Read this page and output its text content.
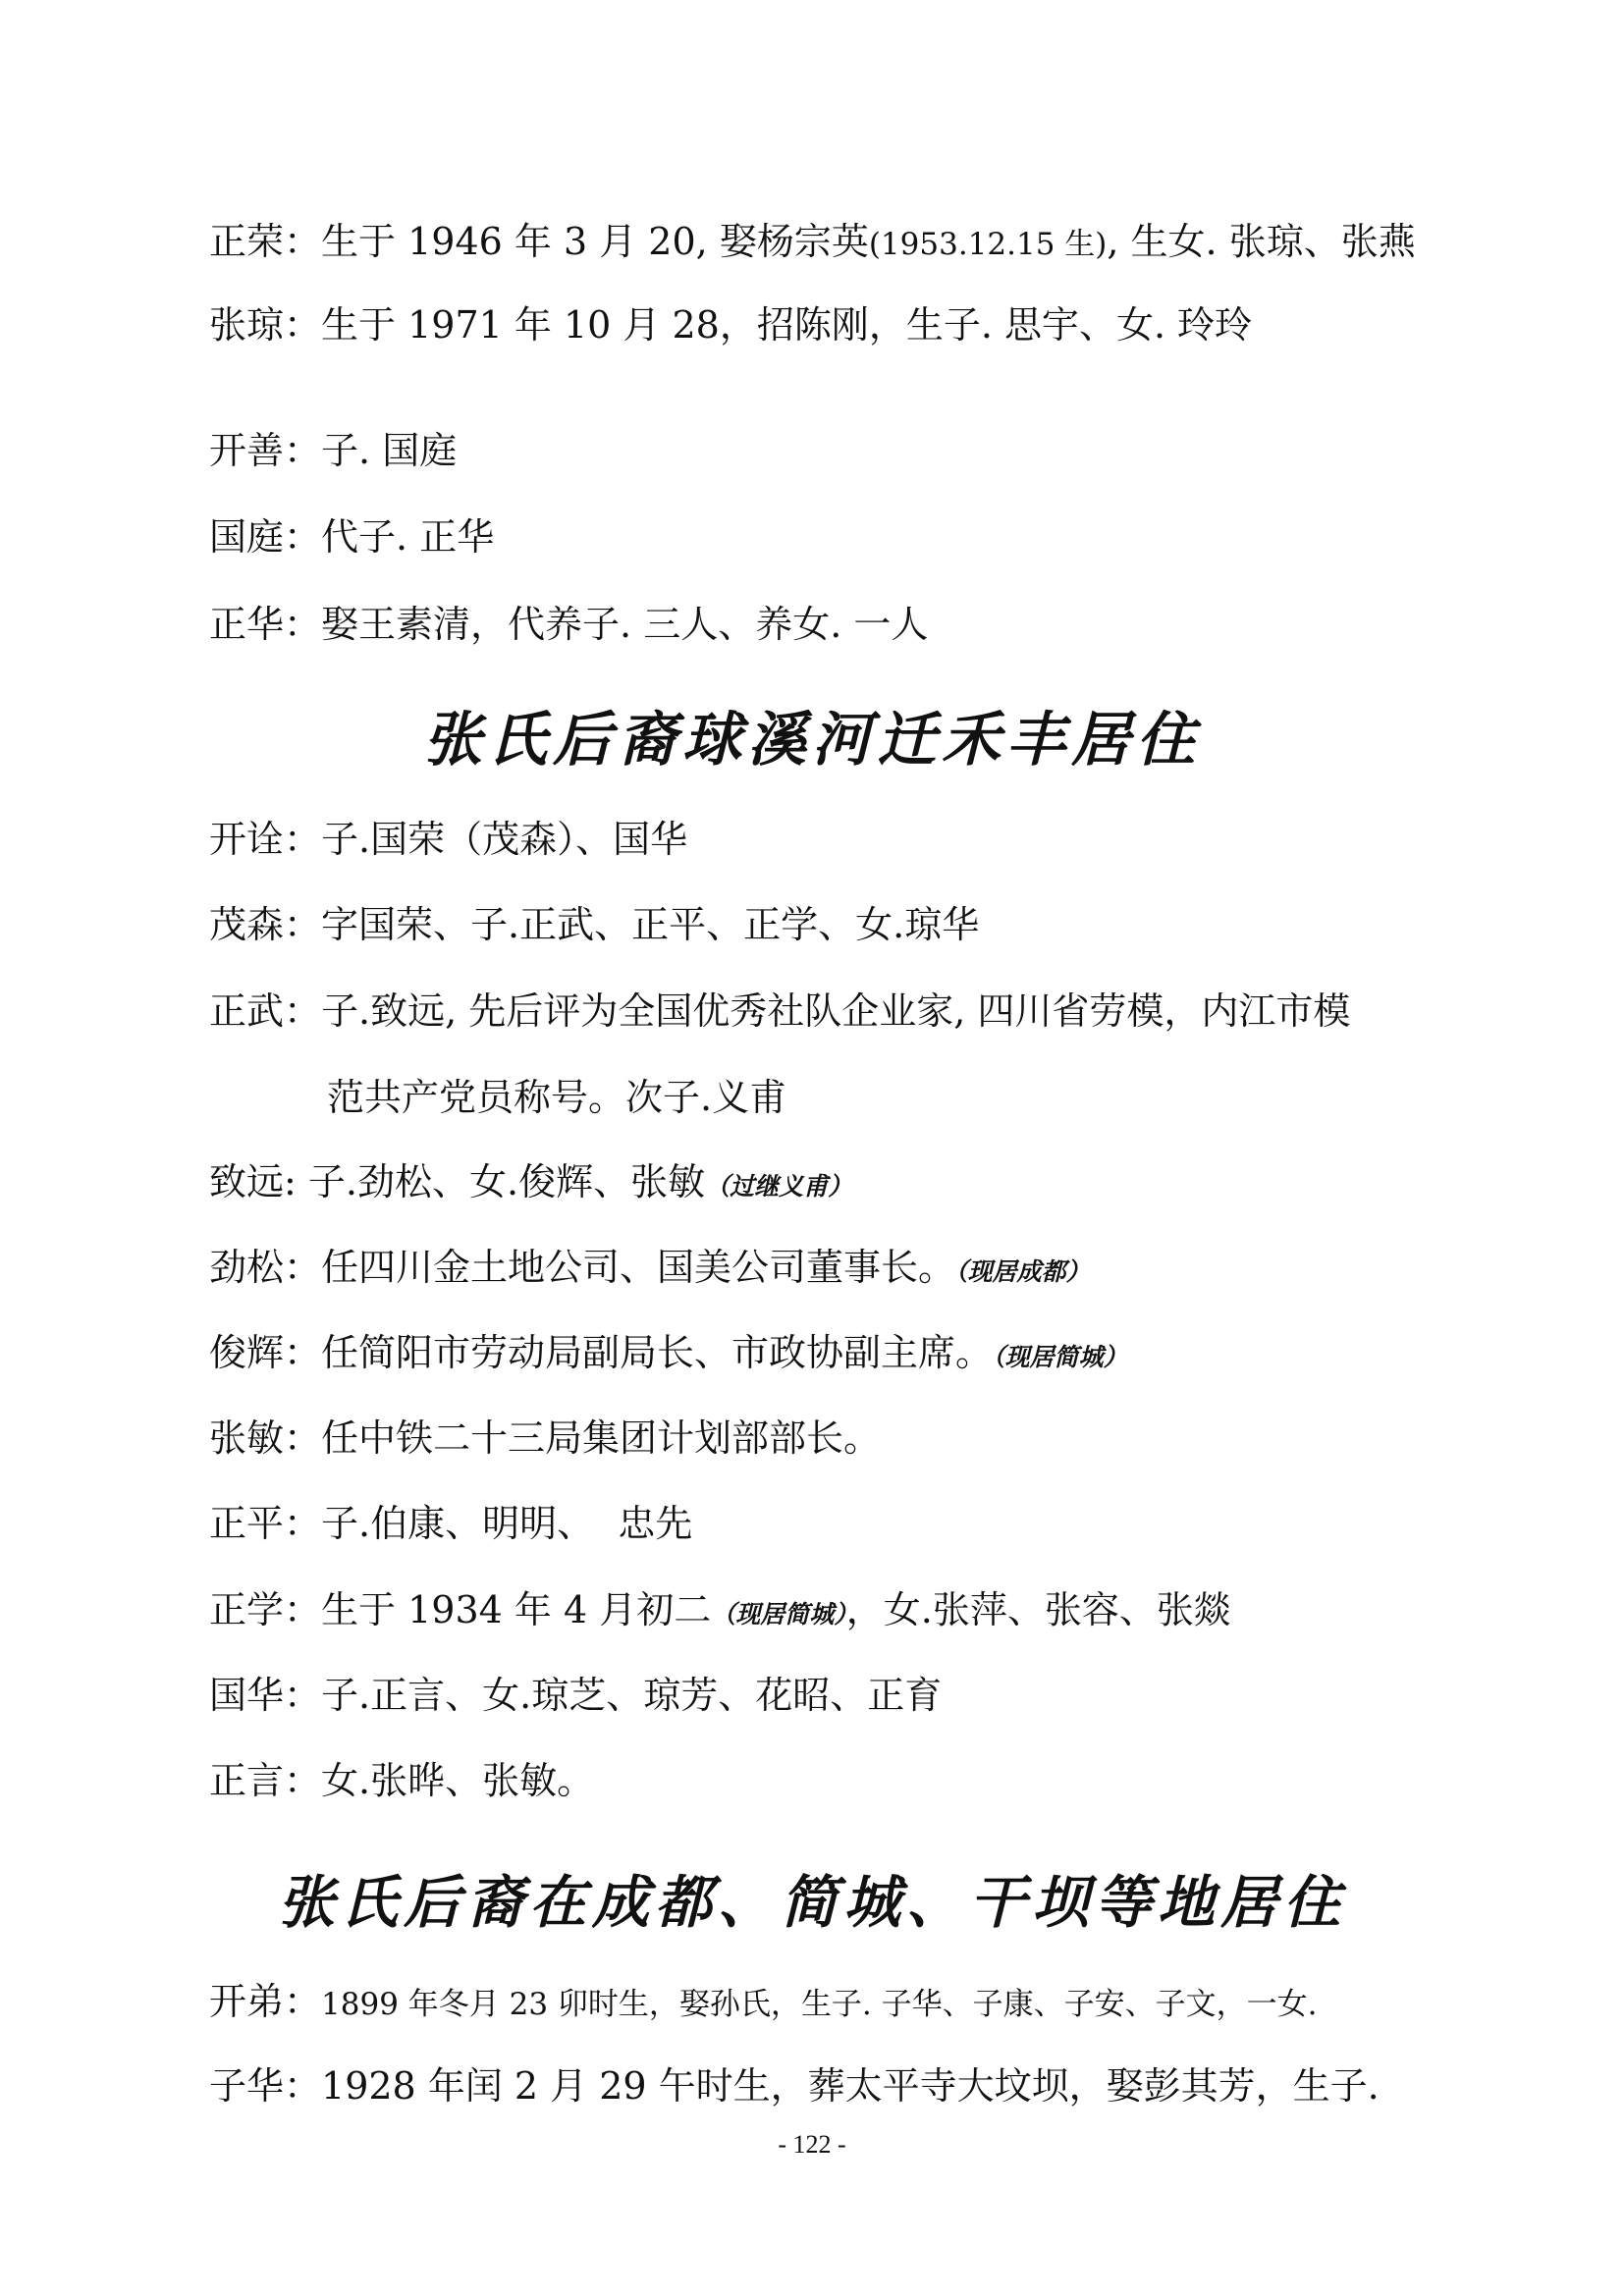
正荣：生于 1946 年 3 月 20, 娶杨宗英(1953.12.15 生), 生女. 张琼、张燕
张琼：生于 1971 年 10 月 28，招陈刚，生子. 思宇、女. 玲玲
开善：子. 国庭
国庭：代子. 正华
正华：娶王素清，代养子. 三人、养女. 一人
张氏后裔球溪河迁禾丰居住
开诠：子.国荣（茂森）、国华
茂森：字国荣、子.正武、正平、正学、女.琼华
正武：子.致远, 先后评为全国优秀社队企业家, 四川省劳模，内江市模
范共产党员称号。次子.义甫
致远: 子.劲松、女.俊辉、张敏（过继义甫）
劲松：任四川金土地公司、国美公司董事长。（现居成都）
俊辉：任简阳市劳动局副局长、市政协副主席。（现居简城）
张敏：任中铁二十三局集团计划部部长。
正平：子.伯康、明明、  忠先
正学：生于 1934 年 4 月初二（现居简城），女.张萍、张容、张燚
国华：子.正言、女.琼芝、琼芳、花昭、正育
正言：女.张晔、张敏。
张氏后裔在成都、简城、干坝等地居住
开弟：1899 年冬月 23 卯时生，娶孙氏，生子. 子华、子康、子安、子文，一女.
子华：1928 年闰 2 月 29 午时生，葬太平寺大坟坝，娶彭其芳，生子.
- 122 -
